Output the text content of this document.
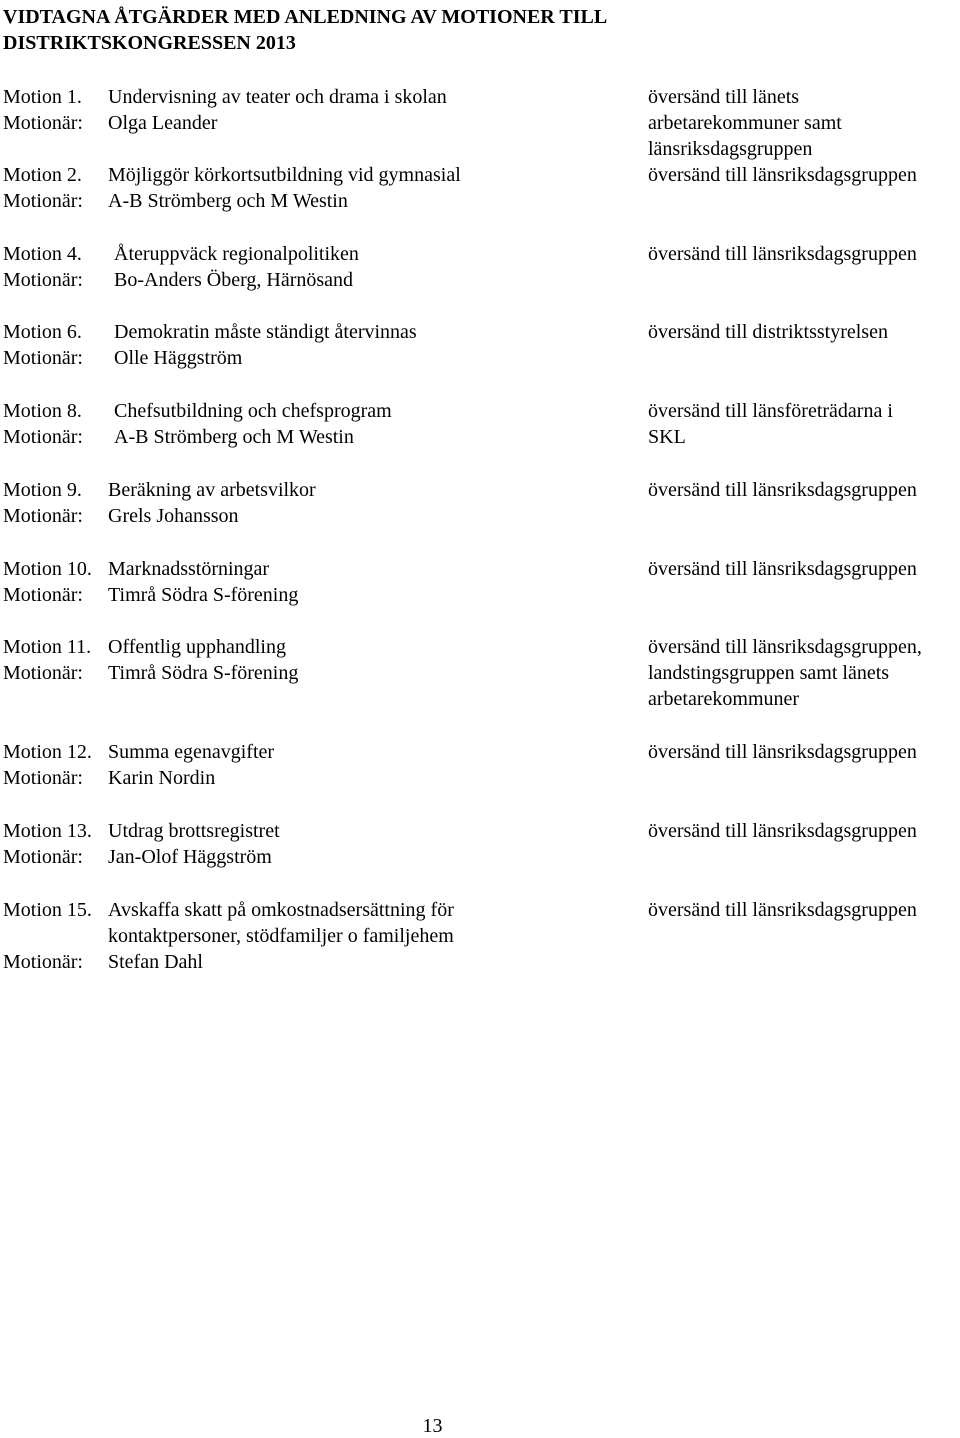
VIDTAGNA ÅTGÄRDER MED ANLEDNING AV MOTIONER TILL
DISTRIKTSKONGRESSEN 2013
Motion 1. Undervisning av teater och drama i skolan
Motionär: Olga Leander
översänd till länets
arbetarekommuner samt
länsriksdagsgruppen
Motion 2. Möjliggör körkortsutbildning vid gymnasial
Motionär: A-B Strömberg och M Westin
översänd till länsriksdagsgruppen
Motion 4. Återuppväck regionalpolitiken
Motionär: Bo-Anders Öberg, Härnösand
översänd till länsriksdagsgruppen
Motion 6. Demokratin måste ständigt återvinnas
Motionär: Olle Häggström
översänd till distriktsstyrelsen
Motion 8. Chefsutbildning och chefsprogram
Motionär: A-B Strömberg och M Westin
översänd till länsföreträdarna i
SKL
Motion 9. Beräkning av arbetsvilkor
Motionär: Grels Johansson
översänd till länsriksdagsgruppen
Motion 10. Marknadsstörningar
Motionär: Timrå Södra S-förening
översänd till länsriksdagsgruppen
Motion 11. Offentlig upphandling
Motionär: Timrå Södra S-förening
översänd till länsriksdagsgruppen,
landstingsgruppen samt länets
arbetarekommuner
Motion 12. Summa egenavgifter
Motionär: Karin Nordin
översänd till länsriksdagsgruppen
Motion 13. Utdrag brottsregistret
Motionär: Jan-Olof Häggström
översänd till länsriksdagsgruppen
Motion 15. Avskaffa skatt på omkostnadsersättning för
kontaktpersoner, stödfamiljer o familjehem
Motionär: Stefan Dahl
översänd till länsriksdagsgruppen
13
